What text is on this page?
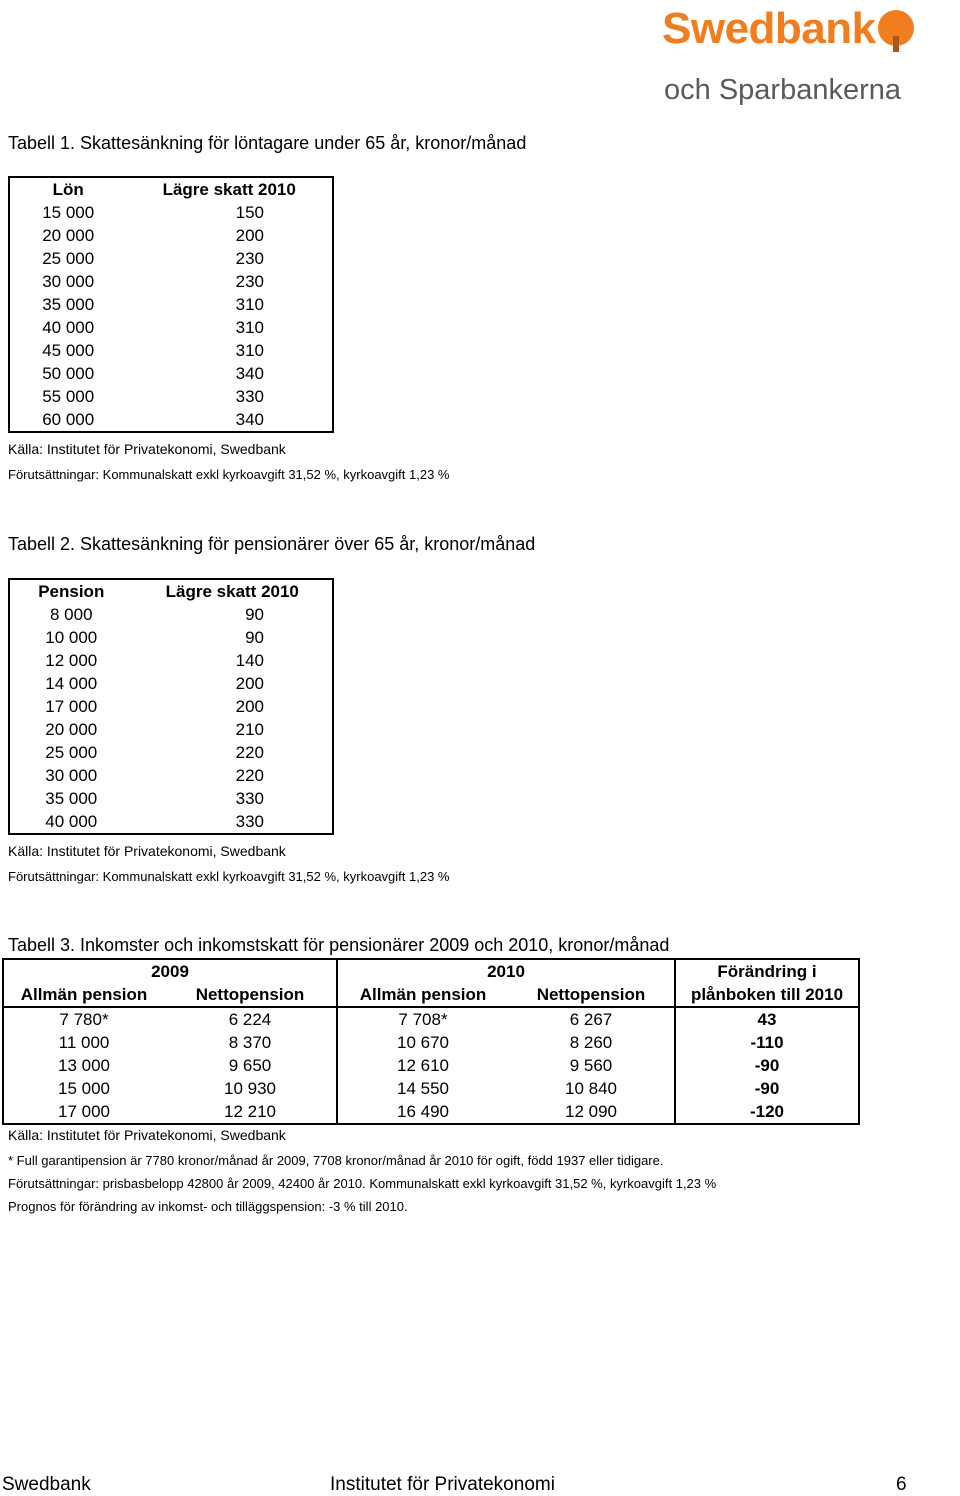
Swedbank
och Sparbankerna
Tabell 1. Skattesänkning för löntagare under 65 år, kronor/månad
Lön	Lägre skatt 2010
15 000	150
20 000	200
25 000	230
30 000	230
35 000	310
40 000	310
45 000	310
50 000	340
55 000	330
60 000	340
Källa: Institutet för Privatekonomi, Swedbank
Förutsättningar: Kommunalskatt exkl kyrkoavgift 31,52 %, kyrkoavgift 1,23 %
Tabell 2. Skattesänkning för pensionärer över 65 år, kronor/månad
Pension	Lägre skatt 2010
8 000	90
10 000	90
12 000	140
14 000	200
17 000	200
20 000	210
25 000	220
30 000	220
35 000	330
40 000	330
Källa: Institutet för Privatekonomi, Swedbank
Förutsättningar: Kommunalskatt exkl kyrkoavgift 31,52 %, kyrkoavgift 1,23 %
Tabell 3. Inkomster och inkomstskatt för pensionärer 2009 och 2010, kronor/månad
2009		2010		Förändring i
Allmän pension	Nettopension	Allmän pension	Nettopension	plånboken till 2010
7 780*	6 224	7 708*	6 267	43
11 000	8 370	10 670	8 260	-110
13 000	9 650	12 610	9 560	-90
15 000	10 930	14 550	10 840	-90
17 000	12 210	16 490	12 090	-120
Källa: Institutet för Privatekonomi, Swedbank
* Full garantipension är 7780 kronor/månad år 2009, 7708 kronor/månad år 2010 för ogift, född 1937 eller tidigare.
Förutsättningar: prisbasbelopp 42800 år 2009, 42400 år 2010. Kommunalskatt exkl kyrkoavgift 31,52 %, kyrkoavgift 1,23 %
Prognos för förändring av inkomst- och tilläggspension: -3 % till 2010.
Swedbank	Institutet för Privatekonomi	6
